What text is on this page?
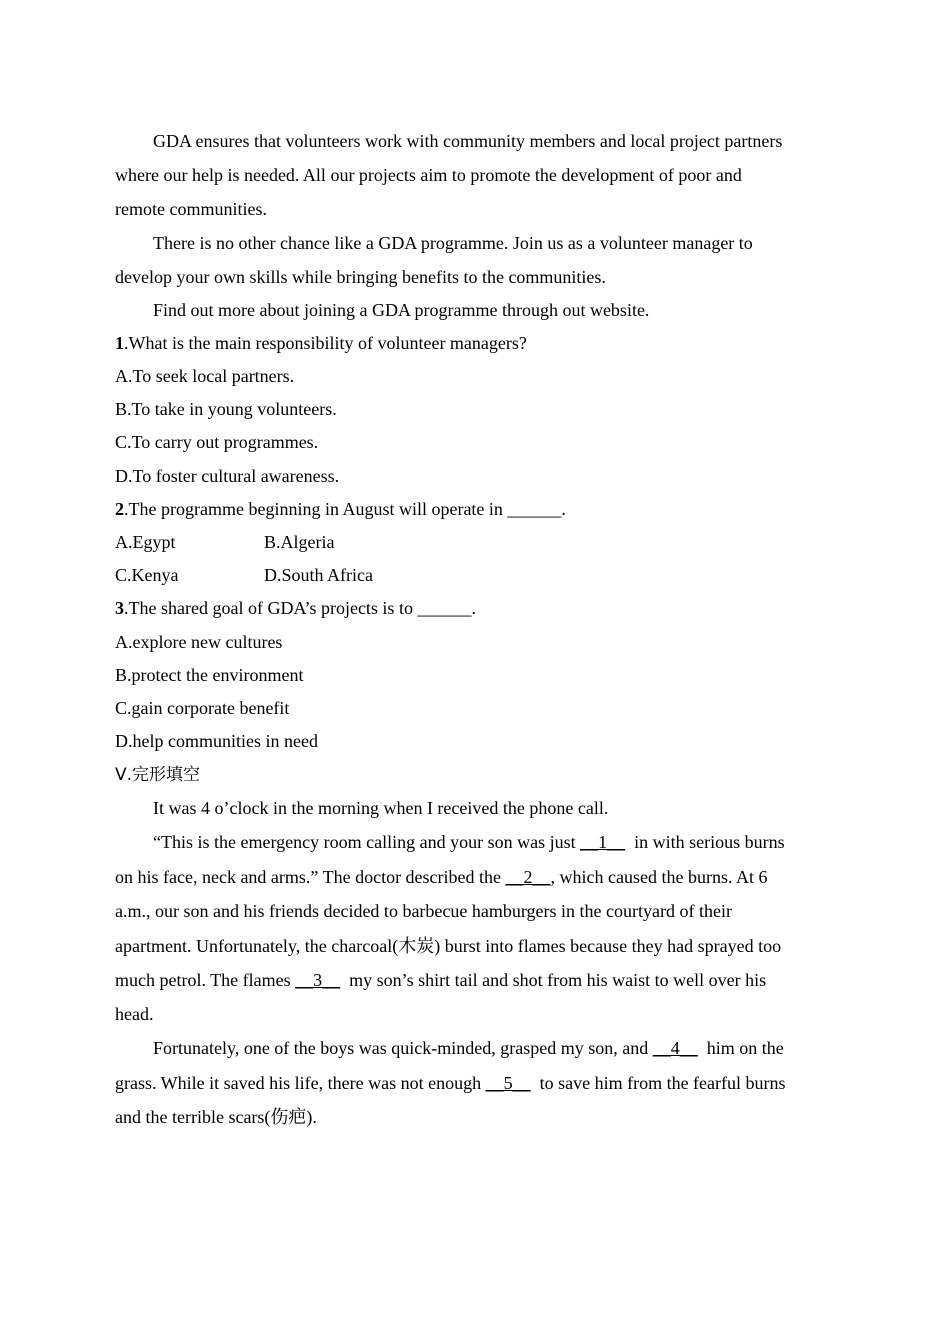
GDA ensures that volunteers work with community members and local project partners
where our help is needed. All our projects aim to promote the development of poor and
remote communities.
There is no other chance like a GDA programme. Join us as a volunteer manager to
develop your own skills while bringing benefits to the communities.
Find out more about joining a GDA programme through out website.
1.What is the main responsibility of volunteer managers?
A.To seek local partners.
B.To take in young volunteers.
C.To carry out programmes.
D.To foster cultural awareness.
2.The programme beginning in August will operate in ______.
A.Egypt	B.Algeria
C.Kenya	D.South Africa
3.The shared goal of GDA’s projects is to ______.
A.explore new cultures
B.protect the environment
C.gain corporate benefit
D.help communities in need
Ⅴ.完形填空
It was 4 o’clock in the morning when I received the phone call.
“This is the emergency room calling and your son was just __1__  in with serious burns
on his face, neck and arms.” The doctor described the __2__, which caused the burns. At 6
a.m., our son and his friends decided to barbecue hamburgers in the courtyard of their
apartment. Unfortunately, the charcoal(木炭) burst into flames because they had sprayed too
much petrol. The flames __3__  my son’s shirt tail and shot from his waist to well over his
head.
Fortunately, one of the boys was quick-minded, grasped my son, and __4__  him on the
grass. While it saved his life, there was not enough __5__  to save him from the fearful burns
and the terrible scars(伤疤).
